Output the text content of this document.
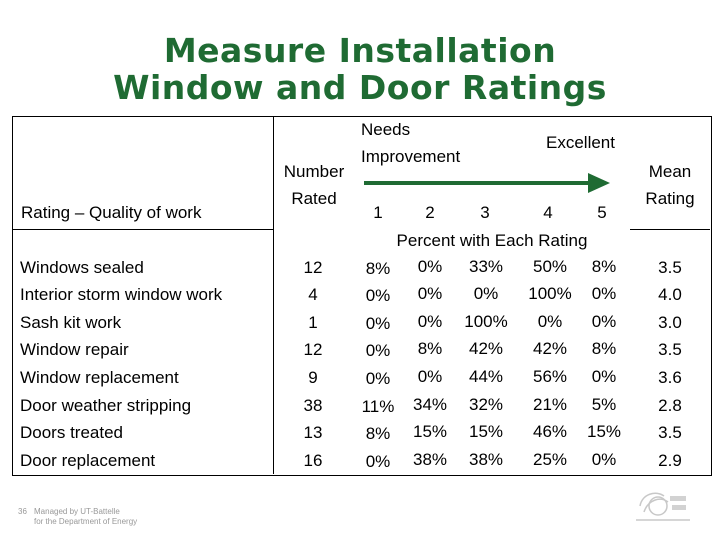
Measure Installation
Window and Door Ratings
Rating – Quality of work
Number
Rated
Needs
Improvement
Excellent
Mean
Rating
1	2	3	4	5
Percent with Each Rating
Windows sealed	12	8%	0%	33%	50%	8%	3.5
Interior storm window work	4	0%	0%	0%	100%	0%	4.0
Sash kit work	1	0%	0%	100%	0%	0%	3.0
Window repair	12	0%	8%	42%	42%	8%	3.5
Window replacement	9	0%	0%	44%	56%	0%	3.6
Door weather stripping	38	11%	34%	32%	21%	5%	2.8
Doors treated	13	8%	15%	15%	46%	15%	3.5
Door replacement	16	0%	38%	38%	25%	0%	2.9
36 Managed by UT-Battelle
for the Department of Energy
